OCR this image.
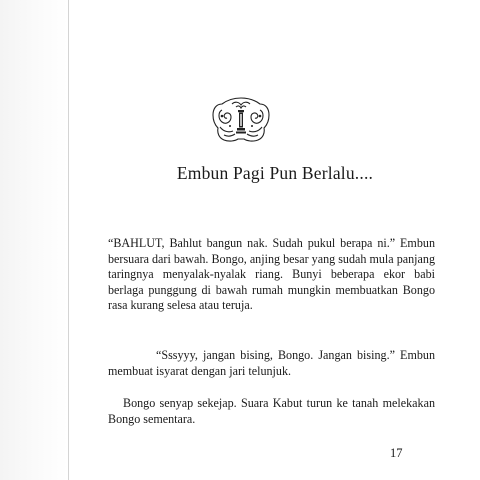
Embun Pagi Pun Berlalu....

“BAHLUT, Bahlut bangun nak. Sudah pukul berapa ni.” Embun bersuara dari bawah. Bongo, anjing besar yang sudah mula panjang taringnya menyalak-nyalak riang. Bunyi beberapa ekor babi berlaga punggung di bawah rumah mungkin membuatkan Bongo rasa kurang selesa atau teruja.

“Sssyyy, jangan bising, Bongo. Jangan bising.” Embun membuat isyarat dengan jari telunjuk.

Bongo senyap sekejap. Suara Kabut turun ke tanah melekakan Bongo sementara.

17
